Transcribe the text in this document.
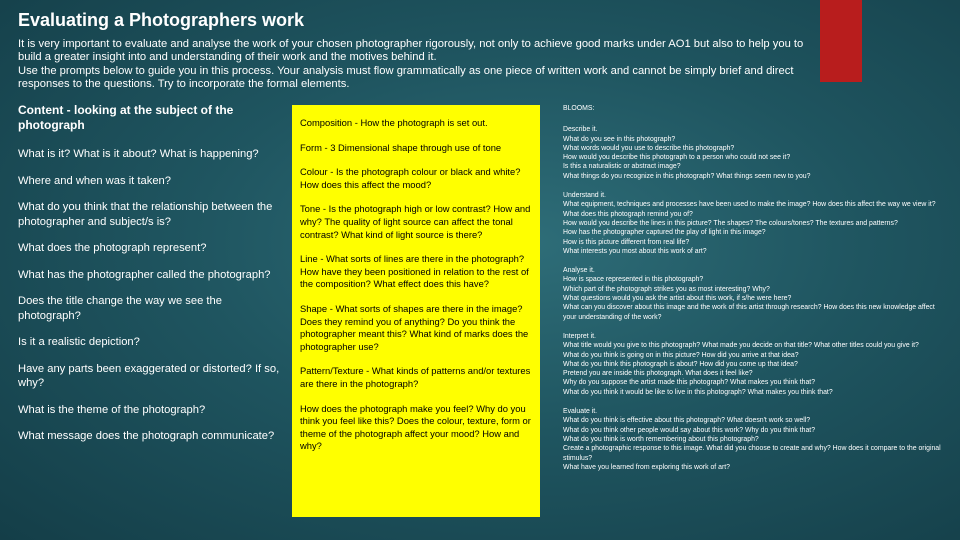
Evaluating a Photographers work

It is very important to evaluate and analyse the work of your chosen photographer rigorously, not only to achieve good marks under AO1 but also to help you to build a greater insight into and understanding of their work and the motives behind it.

Use the prompts below to guide you in this process. Your analysis must flow grammatically as one piece of written work and cannot be simply brief and direct responses to the questions. Try to incorporate the formal elements.

Content - looking at the subject of the photograph

What is it? What is it about? What is happening?

Where and when was it taken?

What do you think that the relationship between the photographer and subject/s is?

What does the photograph represent?

What has the photographer called the photograph?

Does the title change the way we see the photograph?

Is it a realistic depiction?

Have any parts been exaggerated or distorted? If so, why?

What is the theme of the photograph?

What message does the photograph communicate?

Composition - How the photograph is set out.

Form - 3 Dimensional shape through use of tone

Colour - Is the photograph colour or black and white? How does this affect the mood?

Tone - Is the photograph high or low contrast? How and why? The quality of light source can affect the tonal contrast? What kind of light source is there?

Line - What sorts of lines are there in the photograph? How have they been positioned in relation to the rest of the composition? What effect does this have?

Shape - What sorts of shapes are there in the image? Does they remind you of anything? Do you think the photographer meant this? What kind of marks does the photographer use?

Pattern/Texture - What kinds of patterns and/or textures are there in the photograph?

How does the photograph make you feel? Why do you think you feel like this? Does the colour, texture, form or theme of the photograph affect your mood? How and why?

BLOOMS:
Describe it.
What do you see in this photograph?
What words would you use to describe this photograph?
How would you describe this photograph to a person who could not see it?
Is this a naturalistic or abstract image?
What things do you recognize in this photograph? What things seem new to you?
Understand it.
What equipment, techniques and processes have been used to make the image? How does this affect the way we view it?
What does this photograph remind you of?
How would you describe the lines in this picture? The shapes? The colours/tones? The textures and patterns?
How has the photographer captured the play of light in this image?
How is this picture different from real life?
What interests you most about this work of art?
Analyse it.
How is space represented in this photograph?
Which part of the photograph strikes you as most interesting? Why?
What questions would you ask the artist about this work, if s/he were here?
What can you discover about this image and the work of this artist through research? How does this new knowledge affect your understanding of the work?
Interpret it.
What title would you give to this photograph? What made you decide on that title? What other titles could you give it?
What do you think is going on in this picture? How did you arrive at that idea?
What do you think this photograph is about? How did you come up that idea?
Pretend you are inside this photograph. What does it feel like?
Why do you suppose the artist made this photograph? What makes you think that?
What do you think it would be like to live in this photograph? What makes you think that?
Evaluate it.
What do you think is effective about this photograph? What doesn't work so well?
What do you think other people would say about this work? Why do you think that?
What do you think is worth remembering about this photograph?
Create a photographic response to this image. What did you choose to create and why? How does it compare to the original stimulus?
What have you learned from exploring this work of art?
